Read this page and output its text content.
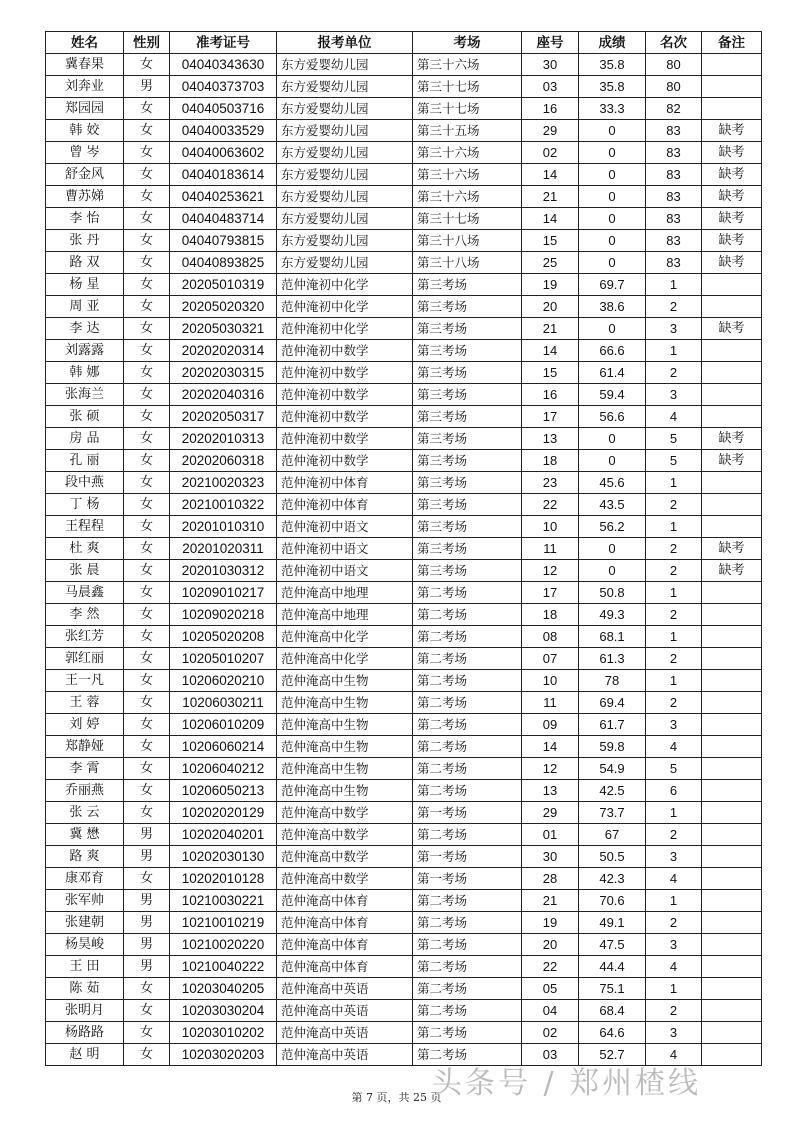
姓名	性别	准考证号	报考单位	考场	座号	成绩	名次	备注
冀春果	女	04040343630	东方爱婴幼儿园	第三十六场	30	35.8	80	
刘奔业	男	04040373703	东方爱婴幼儿园	第三十七场	03	35.8	80	
郑园园	女	04040503716	东方爱婴幼儿园	第三十七场	16	33.3	82	
韩 姣	女	04040033529	东方爱婴幼儿园	第三十五场	29	0	83	缺考
曾 岑	女	04040063602	东方爱婴幼儿园	第三十六场	02	0	83	缺考
舒金风	女	04040183614	东方爱婴幼儿园	第三十六场	14	0	83	缺考
曹苏娣	女	04040253621	东方爱婴幼儿园	第三十六场	21	0	83	缺考
李 怡	女	04040483714	东方爱婴幼儿园	第三十七场	14	0	83	缺考
张 丹	女	04040793815	东方爱婴幼儿园	第三十八场	15	0	83	缺考
路 双	女	04040893825	东方爱婴幼儿园	第三十八场	25	0	83	缺考
杨 星	女	20205010319	范仲淹初中化学	第三考场	19	69.7	1	
周 亚	女	20205020320	范仲淹初中化学	第三考场	20	38.6	2	
李 达	女	20205030321	范仲淹初中化学	第三考场	21	0	3	缺考
刘露露	女	20202020314	范仲淹初中数学	第三考场	14	66.6	1	
韩 娜	女	20202030315	范仲淹初中数学	第三考场	15	61.4	2	
张海兰	女	20202040316	范仲淹初中数学	第三考场	16	59.4	3	
张 硕	女	20202050317	范仲淹初中数学	第三考场	17	56.6	4	
房 品	女	20202010313	范仲淹初中数学	第三考场	13	0	5	缺考
孔 丽	女	20202060318	范仲淹初中数学	第三考场	18	0	5	缺考
段中燕	女	20210020323	范仲淹初中体育	第三考场	23	45.6	1	
丁 杨	女	20210010322	范仲淹初中体育	第三考场	22	43.5	2	
王程程	女	20201010310	范仲淹初中语文	第三考场	10	56.2	1	
杜 爽	女	20201020311	范仲淹初中语文	第三考场	11	0	2	缺考
张 晨	女	20201030312	范仲淹初中语文	第三考场	12	0	2	缺考
马晨鑫	女	10209010217	范仲淹高中地理	第二考场	17	50.8	1	
李 然	女	10209020218	范仲淹高中地理	第二考场	18	49.3	2	
张红芳	女	10205020208	范仲淹高中化学	第二考场	08	68.1	1	
郭红丽	女	10205010207	范仲淹高中化学	第二考场	07	61.3	2	
王一凡	女	10206020210	范仲淹高中生物	第二考场	10	78	1	
王 蓉	女	10206030211	范仲淹高中生物	第二考场	11	69.4	2	
刘 婷	女	10206010209	范仲淹高中生物	第二考场	09	61.7	3	
郑静娅	女	10206060214	范仲淹高中生物	第二考场	14	59.8	4	
李 霄	女	10206040212	范仲淹高中生物	第二考场	12	54.9	5	
乔丽燕	女	10206050213	范仲淹高中生物	第二考场	13	42.5	6	
张 云	女	10202020129	范仲淹高中数学	第一考场	29	73.7	1	
冀 懋	男	10202040201	范仲淹高中数学	第二考场	01	67	2	
路 爽	男	10202030130	范仲淹高中数学	第一考场	30	50.5	3	
康邓育	女	10202010128	范仲淹高中数学	第一考场	28	42.3	4	
张军帅	男	10210030221	范仲淹高中体育	第二考场	21	70.6	1	
张建朝	男	10210010219	范仲淹高中体育	第二考场	19	49.1	2	
杨昊峻	男	10210020220	范仲淹高中体育	第二考场	20	47.5	3	
王 田	男	10210040222	范仲淹高中体育	第二考场	22	44.4	4	
陈 茹	女	10203040205	范仲淹高中英语	第二考场	05	75.1	1	
张明月	女	10203030204	范仲淹高中英语	第二考场	04	68.4	2	
杨路路	女	10203010202	范仲淹高中英语	第二考场	02	64.6	3	
赵 明	女	10203020203	范仲淹高中英语	第二考场	03	52.7	4	
第 7 页，共 25 页
头条号 / 郑州楂线
